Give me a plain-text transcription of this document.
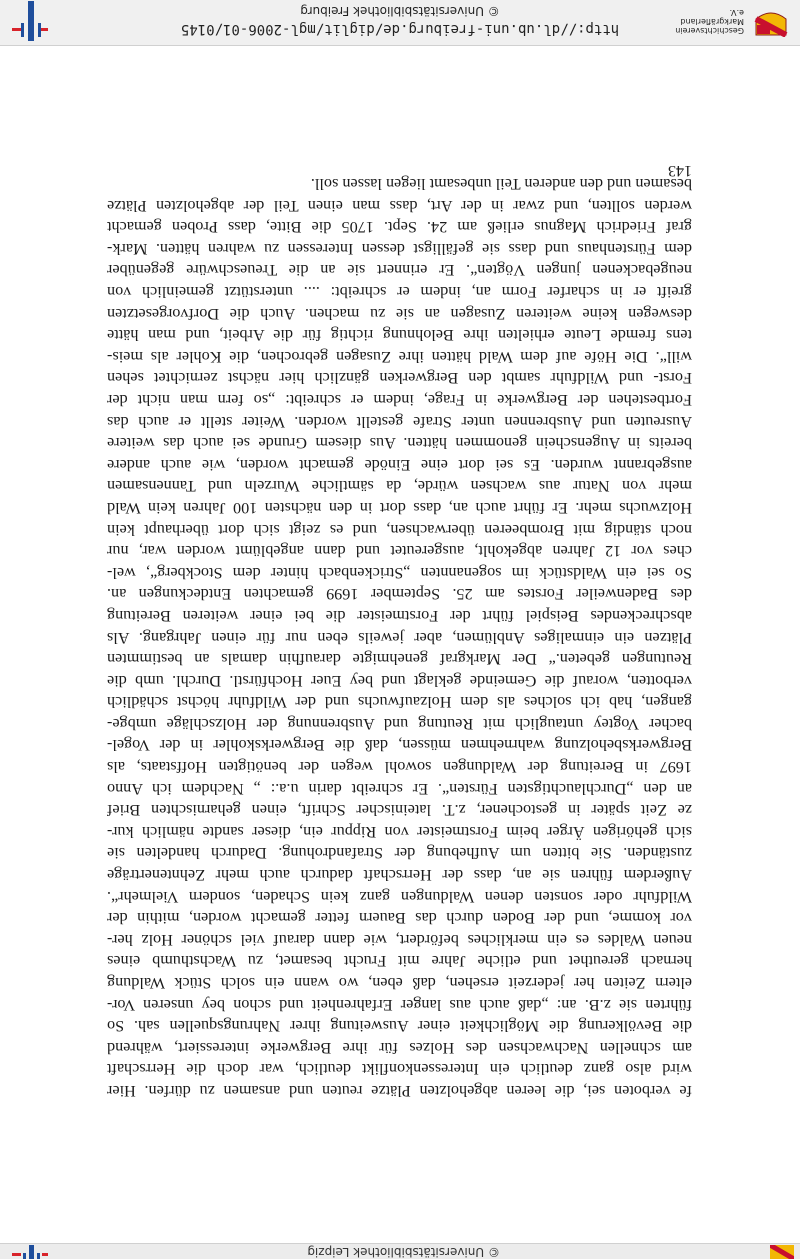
© Universitätsbibliothek Leipzig
fe verboten sei, die leeren abgeholzten Plätze reuten und ansamen zu dürfen. Hier
wird also ganz deutlich ein Interessenkonflikt deutlich, war doch die Herrschaft
am schnellen Nachwachsen des Holzes für ihre Bergwerke interessiert, während
die Bevölkerung die Möglichkeit einer Ausweitung ihrer Nahrungsquellen sah. So
führten sie z.B. an: „daß auch aus langer Erfahrenheit und schon bey unseren Vor-
eltern Zeiten her jederzeit ersehen, daß eben, wo wann ein solch Stück Waldung
hernach gereuthet und etliche Jahre mit Frucht besamet, zu Wachsthumb eines
neuen Waldes es ein merkliches befördert, wie dann darauf viel schöner Holz her-
vor komme, und der Boden durch das Bauern fetter gemacht worden, mithin der
Wildfuhr oder sonsten denen Waldungen ganz kein Schaden, sondern Vielmehr“.
Außerdem führen sie an, dass der Herrschaft dadurch auch mehr Zehntenerträge
zuständen. Sie bitten um Aufhebung der Strafandrohung. Dadurch handelten sie
sich gehörigen Ärger beim Forstmeister von Rippur ein, dieser sandte nämlich kur-
ze Zeit später in gestochener, z.T. lateinischer Schrift, einen geharnischten Brief
an den „Durchlauchtigsten Fürsten“. Er schreibt darin u.a.: „ Nachdem ich Anno
1697 in Bereitung der Waldungen sowohl wegen der benötigten Hoffstaats, als
Bergwerksbeholzung wahrnehmen müssen, daß die Bergwerkskohler in der Vogel-
bacher Vogtey untauglich mit Reutung und Ausbrennung der Holzschläge umbge-
gangen, hab ich solches als dem Holzaufwuchs und der Wildfuhr höchst schädlich
verbotten, worauf die Gemeinde geklagt und bey Euer Hochfürstl. Durchl. umb die
Reutungen gebeten.“ Der Markgraf genehmigte daraufhin damals an bestimmten
Plätzen ein einmaliges Anblümen, aber jeweils eben nur für einen Jahrgang. Als
abschreckendes Beispiel führt der Forstmeister die bei einer weiteren Bereitung
des Badenweiler Forstes am 25. September 1699 gemachten Entdeckungen an.
So sei ein Waldstück im sogenannten „Strickenbach hinter dem Stockberg“, wel-
ches vor 12 Jahren abgekohlt, ausgereutet und dann angeblümt worden war, nur
noch ständig mit Brombeeren überwachsen, und es zeigt sich dort überhaupt kein
Holzwuchs mehr. Er führt auch an, dass dort in den nächsten 100 Jahren kein Wald
mehr von Natur aus wachsen würde, da sämtliche Wurzeln und Tannensamen
ausgebrannt wurden. Es sei dort eine Einöde gemacht worden, wie auch andere
bereits in Augenschein genommen hätten. Aus diesem Grunde sei auch das weitere
Ausreuten und Ausbrennen unter Strafe gestellt worden. Weiter stellt er auch das
Fortbestehen der Bergwerke in Frage, indem er schreibt: „so fern man nicht der
Forst- und Wildfuhr sambt den Bergwerken gänzlich hier nächst zernichtet sehen
will“. Die Höfe auf dem Wald hätten ihre Zusagen gebrochen, die Kohler als meis-
tens fremde Leute erhielten ihre Belohnung richtig für die Arbeit, und man hätte
deswegen keine weiteren Zusagen an sie zu machen. Auch die Dorfvorgesetzten
greift er in scharfer Form an, indem er schreibt: .... unterstützt gemeinlich von
neugebackenen jungen Vögten“. Er erinnert sie an die Treueschwüre gegenüber
dem Fürstenhaus und dass sie gefälligst dessen Interessen zu wahren hätten. Mark-
graf Friedrich Magnus erließ am 24. Sept. 1705 die Bitte, dass Proben gemacht
werden sollten, und zwar in der Art, dass man einen Teil der abgeholzten Plätze
besamen und den anderen Teil unbesamt liegen lassen soll.
143
Geschichtsverein
Markgräflerland e.V.
http://dl.ub.uni-freiburg.de/diglit/mgl-2006-01/0145
© Universitätsbibliothek Freiburg
